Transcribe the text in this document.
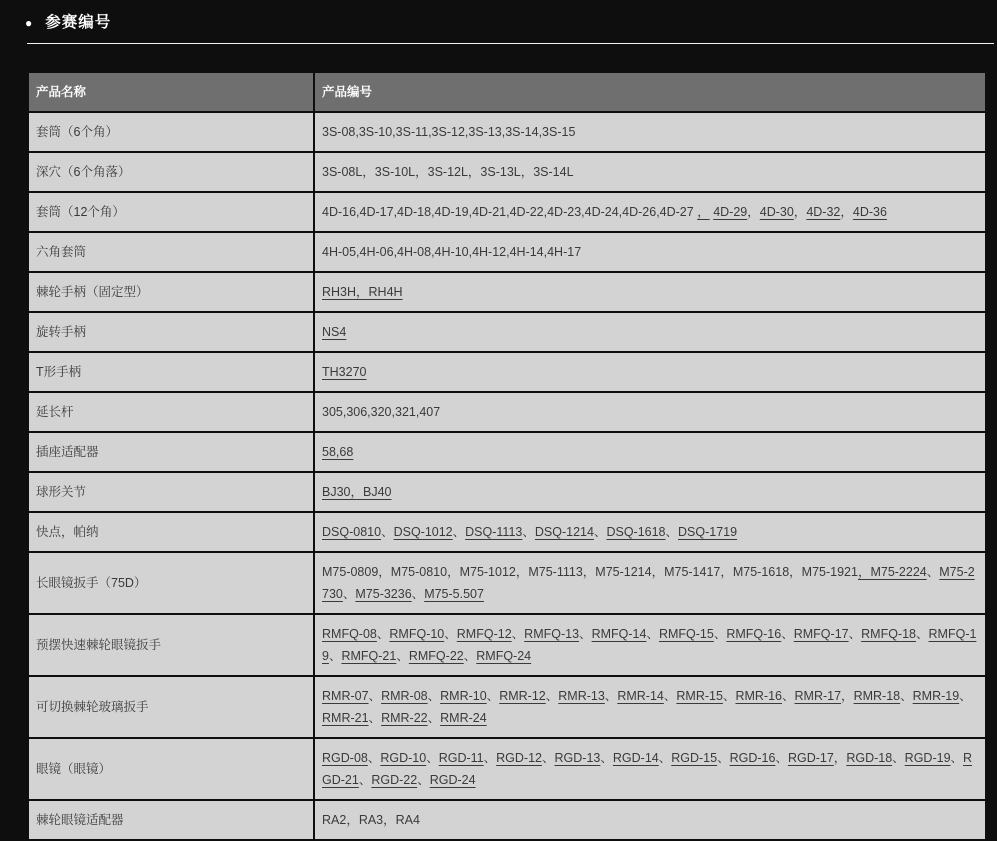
● 参赛编号
产品名称	产品编号
套筒（6个角）	3S-08,3S-10,3S-11,3S-12,3S-13,3S-14,3S-15
深穴（6个角落）	3S-08L，3S-10L，3S-12L，3S-13L，3S-14L
套筒（12个角）	4D-16,4D-17,4D-18,4D-19,4D-21,4D-22,4D-23,4D-24,4D-26,4D-27 ， 4D-29，4D-30，4D-32，4D-36
六角套筒	4H-05,4H-06,4H-08,4H-10,4H-12,4H-14,4H-17
棘轮手柄（固定型）	RH3H，RH4H
旋转手柄	NS4
T形手柄	TH3270
延长杆	305,306,320,321,407
插座适配器	58,68
球形关节	BJ30，BJ40
快点，帕纳	DSQ-0810、DSQ-1012、DSQ-1113、DSQ-1214、DSQ-1618、DSQ-1719
长眼镜扳手（75D）	M75-0809，M75-0810，M75-1012，M75-1113，M75-1214，M75-1417，M75-1618，M75-1921，M75-2224、M75-2730、M75-3236、M75-5.507
预摆快速棘轮眼镜扳手	RMFQ-08、RMFQ-10、RMFQ-12、RMFQ-13、RMFQ-14、RMFQ-15、RMFQ-16、RMFQ-17、RMFQ-18、RMFQ-19、RMFQ-21、RMFQ-22、RMFQ-24
可切换棘轮玻璃扳手	RMR-07、RMR-08、RMR-10、RMR-12、RMR-13、RMR-14、RMR-15、RMR-16、RMR-17，RMR-18、RMR-19、RMR-21、RMR-22、RMR-24
眼镜（眼镜）	RGD-08、RGD-10、RGD-11、RGD-12、RGD-13、RGD-14、RGD-15、RGD-16、RGD-17，RGD-18、RGD-19、RGD-21、RGD-22、RGD-24
棘轮眼镜适配器	RA2，RA3，RA4
